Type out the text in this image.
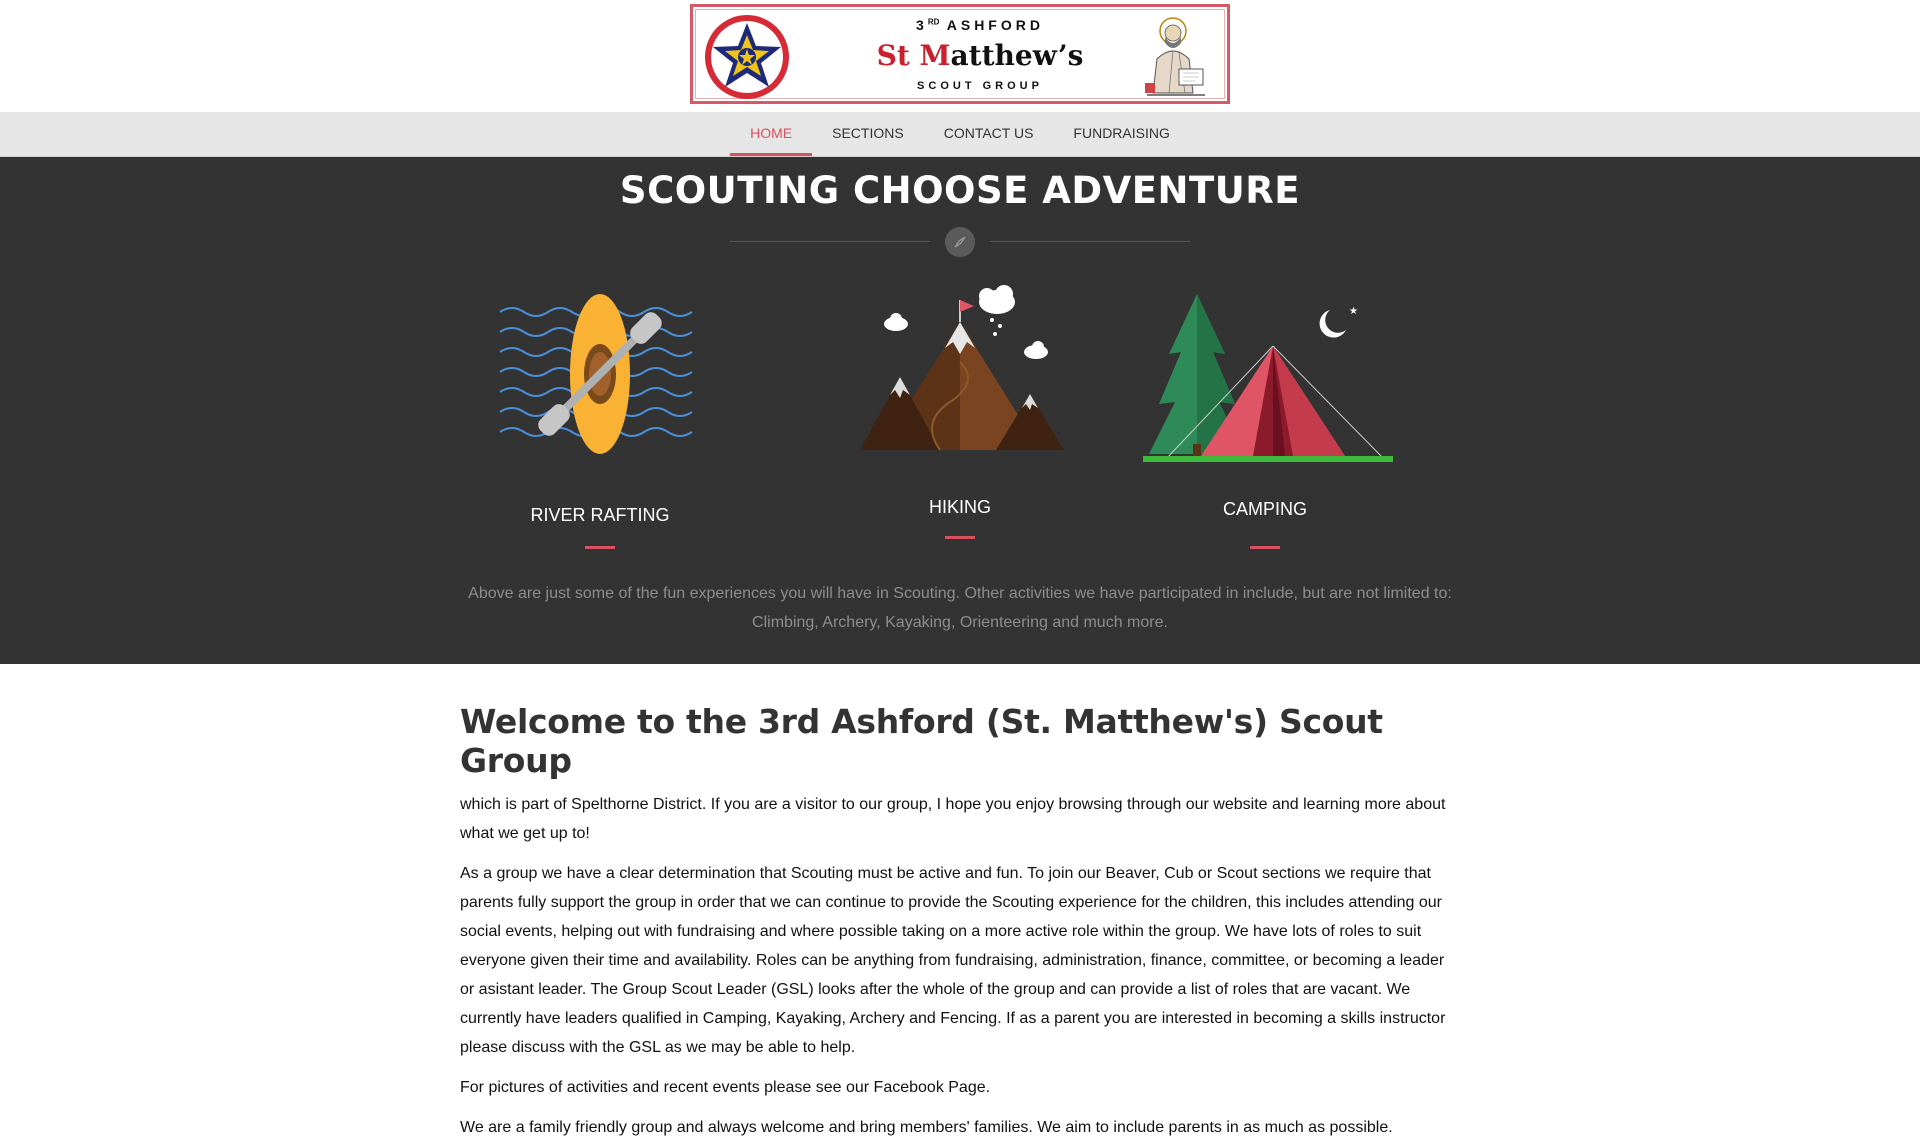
3RD ASHFORD
St Matthew’s
SCOUT GROUP
HOME	SECTIONS	CONTACT US	FUNDRAISING
SCOUTING CHOOSE ADVENTURE
RIVER RAFTING	HIKING
★
CAMPING
Above are just some of the fun experiences you will have in Scouting. Other activities we have participated in include, but are not limited to: Climbing, Archery, Kayaking, Orienteering and much more.
Welcome to the 3rd Ashford (St. Matthew's) Scout Group

which is part of Spelthorne District. If you are a visitor to our group, I hope you enjoy browsing through our website and learning more about what we get up to!

As a group we have a clear determination that Scouting must be active and fun. To join our Beaver, Cub or Scout sections we require that parents fully support the group in order that we can continue to provide the Scouting experience for the children, this includes attending our social events, helping out with fundraising and where possible taking on a more active role within the group. We have lots of roles to suit everyone given their time and availability. Roles can be anything from fundraising, administration, finance, committee, or becoming a leader or asistant leader. The Group Scout Leader (GSL) looks after the whole of the group and can provide a list of roles that are vacant. We currently have leaders qualified in Camping, Kayaking, Archery and Fencing. If as a parent you are interested in becoming a skills instructor please discuss with the GSL as we may be able to help.

For pictures of activities and recent events please see our Facebook Page.

We are a family friendly group and always welcome and bring members' families. We aim to include parents in as much as possible.
